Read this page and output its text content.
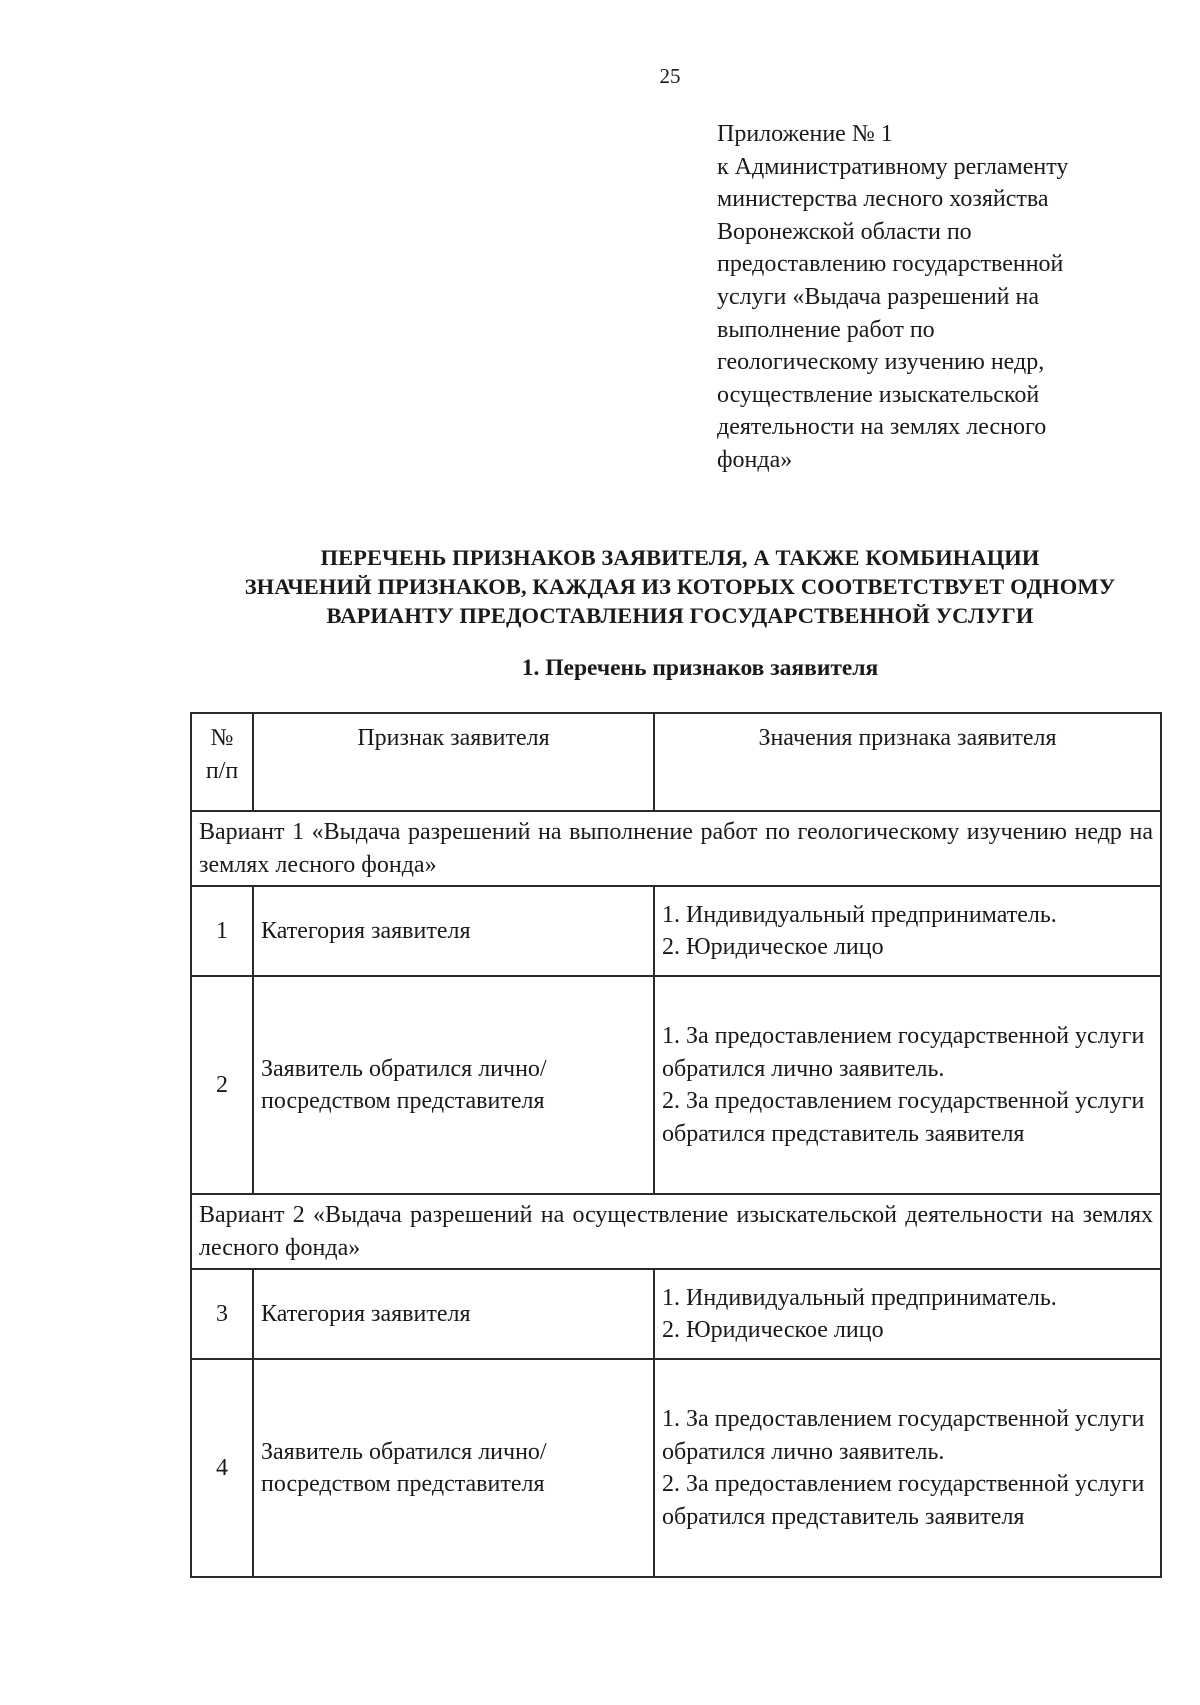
25
Приложение № 1
к Административному регламенту
министерства лесного хозяйства
Воронежской области по
предоставлению государственной
услуги «Выдача разрешений на
выполнение работ по
геологическому изучению недр,
осуществление изыскательской
деятельности на землях лесного
фонда»
ПЕРЕЧЕНЬ ПРИЗНАКОВ ЗАЯВИТЕЛЯ, А ТАКЖЕ КОМБИНАЦИИ
ЗНАЧЕНИЙ ПРИЗНАКОВ, КАЖДАЯ ИЗ КОТОРЫХ СООТВЕТСТВУЕТ ОДНОМУ
ВАРИАНТУ ПРЕДОСТАВЛЕНИЯ ГОСУДАРСТВЕННОЙ УСЛУГИ
1. Перечень признаков заявителя
№ п/п	Признак заявителя	Значения признака заявителя
Вариант 1 «Выдача разрешений на выполнение работ по геологическому изучению недр на землях лесного фонда»		
1	Категория заявителя	1. Индивидуальный предприниматель.
2. Юридическое лицо

2	Заявитель обратился лично/посредством представителя	1. За предоставлением государственной услуги обратился лично заявитель.
2. За предоставлением государственной услуги обратился представитель заявителя

Вариант 2 «Выдача разрешений на осуществление изыскательской деятельности на землях лесного фонда»		
3	Категория заявителя	1. Индивидуальный предприниматель.
2. Юридическое лицо

4	Заявитель обратился лично/посредством представителя	1. За предоставлением государственной услуги обратился лично заявитель.
2. За предоставлением государственной услуги обратился представитель заявителя
